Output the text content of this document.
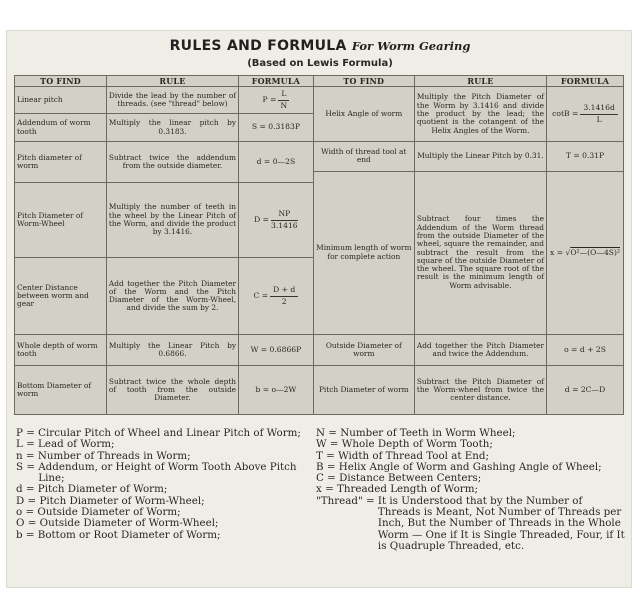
RULES AND FORMULA For Worm Gearing
(Based on Lewis Formula)
TO FIND	RULE	FORMULA	TO FIND	RULE	FORMULA
Linear pitch	Divide the lead by the number of threads. (see "thread" below)	$P = \frac{L}{N}$	Helix Angle of worm	Multiply the Pitch Diameter of the Worm by 3.1416 and divide the product by the lead; the quotient is the cotangent of the Helix Angles of the Worm.	$\cot B = \frac{3.1416d}{L}$

Addendum of worm tooth	Multiply the linear pitch by 0.3183.	S = 0.3183P			
Pitch diameter of worm	Subtract twice the addendum from the outside diameter.	d = 0—2S	Width of thread tool at end	Multiply the Linear Pitch by 0.31.	T = 0.31P
			Minimum length of worm for complete action	Subtract four times the Addendum of the Worm thread from the outside Diameter of the wheel, square the remainder, and subtract the result from the square of the outside Diameter of the wheel. The square root of the result is the minimum length of Worm advisable.	x = √ O²—(O—4S)²

Pitch Diameter of Worm-Wheel	Multiply the number of teeth in the wheel by the Linear Pitch of the Worm, and divide the product by 3.1416.	$D = \frac{NP}{3.1416}$

Center Distance between worm and gear	Add together the Pitch Diameter of the Worm and the Pitch Diameter of the Worm-Wheel, and divide the sum by 2.	$C = \frac{D + d}{2}$

Whole depth of worm tooth	Multiply the Linear Pitch by 0.6866.	W = 0.6866P	Outside Diameter of worm	Add together the Pitch Diameter and twice the Addendum.	o = d + 2S
Bottom Diameter of worm	Subtract twice the whole depth of tooth from the outside Diameter.	b = o—2W	Pitch Diameter of worm	Subtract the Pitch Diameter of the Worm-wheel from twice the center distance.	d = 2C—D
P = Circular Pitch of Wheel and Linear Pitch of Worm;
L = Lead of Worm;
n = Number of Threads in Worm;
S = Addendum, or Height of Worm Tooth Above Pitch Line;
d = Pitch Diameter of Worm;
D = Pitch Diameter of Worm-Wheel;
o = Outside Diameter of Worm;
O = Outside Diameter of Worm-Wheel;
b = Bottom or Root Diameter of Worm;
N = Number of Teeth in Worm Wheel;
W = Whole Depth of Worm Tooth;
T = Width of Thread Tool at End;
B = Helix Angle of Worm and Gashing Angle of Wheel;
C = Distance Between Centers;
x = Threaded Length of Worm;
"Thread" = It is Understood that by the Number of Threads is Meant, Not Number of Threads per Inch, But the Number of Threads in the Whole Worm — One if It is Single Threaded, Four, if It is Quadruple Threaded, etc.
